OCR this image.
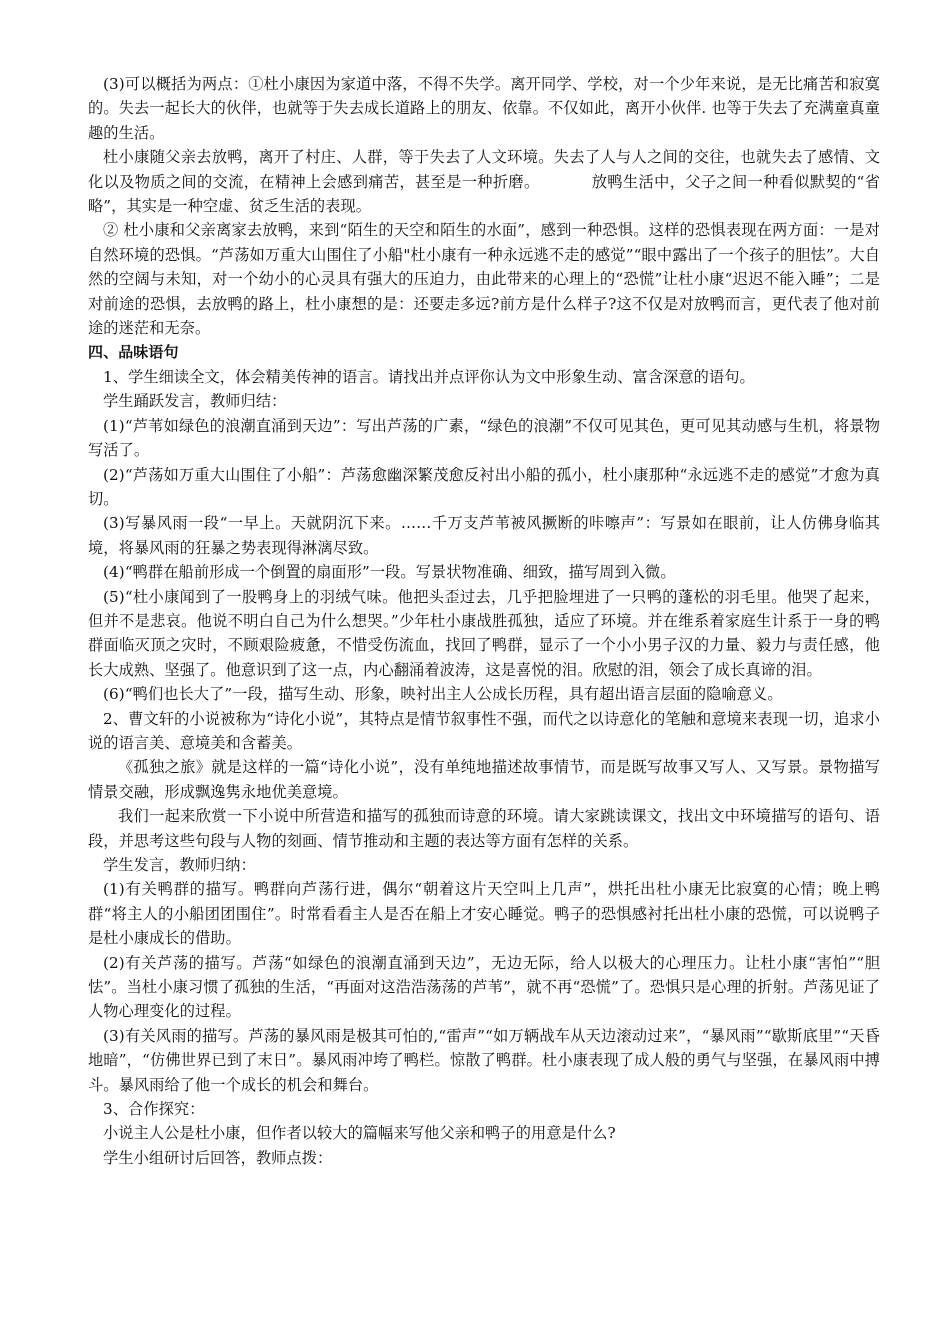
(3)可以概括为两点：①杜小康因为家道中落，不得不失学。离开同学、学校，对一个少年来说，是无比痛苦和寂寞的。失去一起长大的伙伴，也就等于失去成长道路上的朋友、依靠。不仅如此，离开小伙伴. 也等于失去了充满童真童趣的生活。

杜小康随父亲去放鸭，离开了村庄、人群，等于失去了人文环境。失去了人与人之间的交往，也就失去了感情、文化以及物质之间的交流，在精神上会感到痛苦，甚至是一种折磨。	放鸭生活中，父子之间一种看似默契的“省略”，其实是一种空虚、贫乏生活的表现。

② 杜小康和父亲离家去放鸭，来到“陌生的天空和陌生的水面”，感到一种恐惧。这样的恐惧表现在两方面：一是对自然环境的恐惧。“芦荡如万重大山围住了小船"杜小康有一种永远逃不走的感觉”“眼中露出了一个孩子的胆怯”。大自然的空阔与未知，对一个幼小的心灵具有强大的压迫力，由此带来的心理上的“恐慌”让杜小康“迟迟不能入睡”；二是对前途的恐惧，去放鸭的路上，杜小康想的是：还要走多远?前方是什么样子?这不仅是对放鸭而言，更代表了他对前途的迷茫和无奈。

四、品味语句

1、学生细读全文，体会精美传神的语言。请找出并点评你认为文中形象生动、富含深意的语句。

学生踊跃发言，教师归结：

(1)“芦苇如绿色的浪潮直涌到天边”：写出芦荡的广素，“绿色的浪潮”不仅可见其色，更可见其动感与生机，将景物写活了。

(2)“芦荡如万重大山围住了小船”：芦荡愈幽深繁茂愈反衬出小船的孤小，杜小康那种“永远逃不走的感觉”才愈为真切。

(3)写暴风雨一段“一早上。天就阴沉下来。……千万支芦苇被风撅断的咔嚓声”：写景如在眼前，让人仿佛身临其境，将暴风雨的狂暴之势表现得淋漓尽致。

(4)“鸭群在船前形成一个倒置的扇面形”一段。写景状物准确、细致，描写周到入微。

(5)“杜小康闻到了一股鸭身上的羽绒气味。他把头歪过去，几乎把脸埋进了一只鸭的蓬松的羽毛里。他哭了起来，但并不是悲哀。他说不明白自己为什么想哭。”少年杜小康战胜孤独，适应了环境。并在维系着家庭生计系于一身的鸭群面临灭顶之灾时，不顾艰险疲惫，不惜受伤流血，找回了鸭群，显示了一个小小男子汉的力量、毅力与责任感，他长大成熟、坚强了。他意识到了这一点，内心翻涌着波涛，这是喜悦的泪。欣慰的泪，领会了成长真谛的泪。

(6)“鸭们也长大了”一段，描写生动、形象，映衬出主人公成长历程，具有超出语言层面的隐喻意义。

2、曹文轩的小说被称为“诗化小说”，其特点是情节叙事性不强，而代之以诗意化的笔触和意境来表现一切，追求小说的语言美、意境美和含蓄美。

《孤独之旅》就是这样的一篇“诗化小说”，没有单纯地描述故事情节，而是既写故事又写人、又写景。景物描写情景交融，形成飘逸隽永地优美意境。

我们一起来欣赏一下小说中所营造和描写的孤独而诗意的环境。请大家跳读课文，找出文中环境描写的语句、语段，并思考这些句段与人物的刻画、情节推动和主题的表达等方面有怎样的关系。

学生发言，教师归纳：

(1)有关鸭群的描写。鸭群向芦荡行进，偶尔“朝着这片天空叫上几声”，烘托出杜小康无比寂寞的心情；晚上鸭群“将主人的小船团团围住”。时常看看主人是否在船上才安心睡觉。鸭子的恐惧感衬托出杜小康的恐慌，可以说鸭子是杜小康成长的借助。

(2)有关芦荡的描写。芦荡“如绿色的浪潮直涌到天边”，无边无际，给人以极大的心理压力。让杜小康“害怕”“胆怯”。当杜小康习惯了孤独的生活，“再面对这浩浩荡荡的芦苇”，就不再“恐慌”了。恐惧只是心理的折射。芦荡见证了人物心理变化的过程。

(3)有关风雨的描写。芦荡的暴风雨是极其可怕的,“雷声”“如万辆战车从天边滚动过来”，“暴风雨”“歇斯底里”“天昏地暗”，“仿佛世界已到了末日”。暴风雨冲垮了鸭栏。惊散了鸭群。杜小康表现了成人般的勇气与坚强，在暴风雨中搏斗。暴风雨给了他一个成长的机会和舞台。

3、合作探究：

小说主人公是杜小康，但作者以较大的篇幅来写他父亲和鸭子的用意是什么?

学生小组研讨后回答，教师点拨：
